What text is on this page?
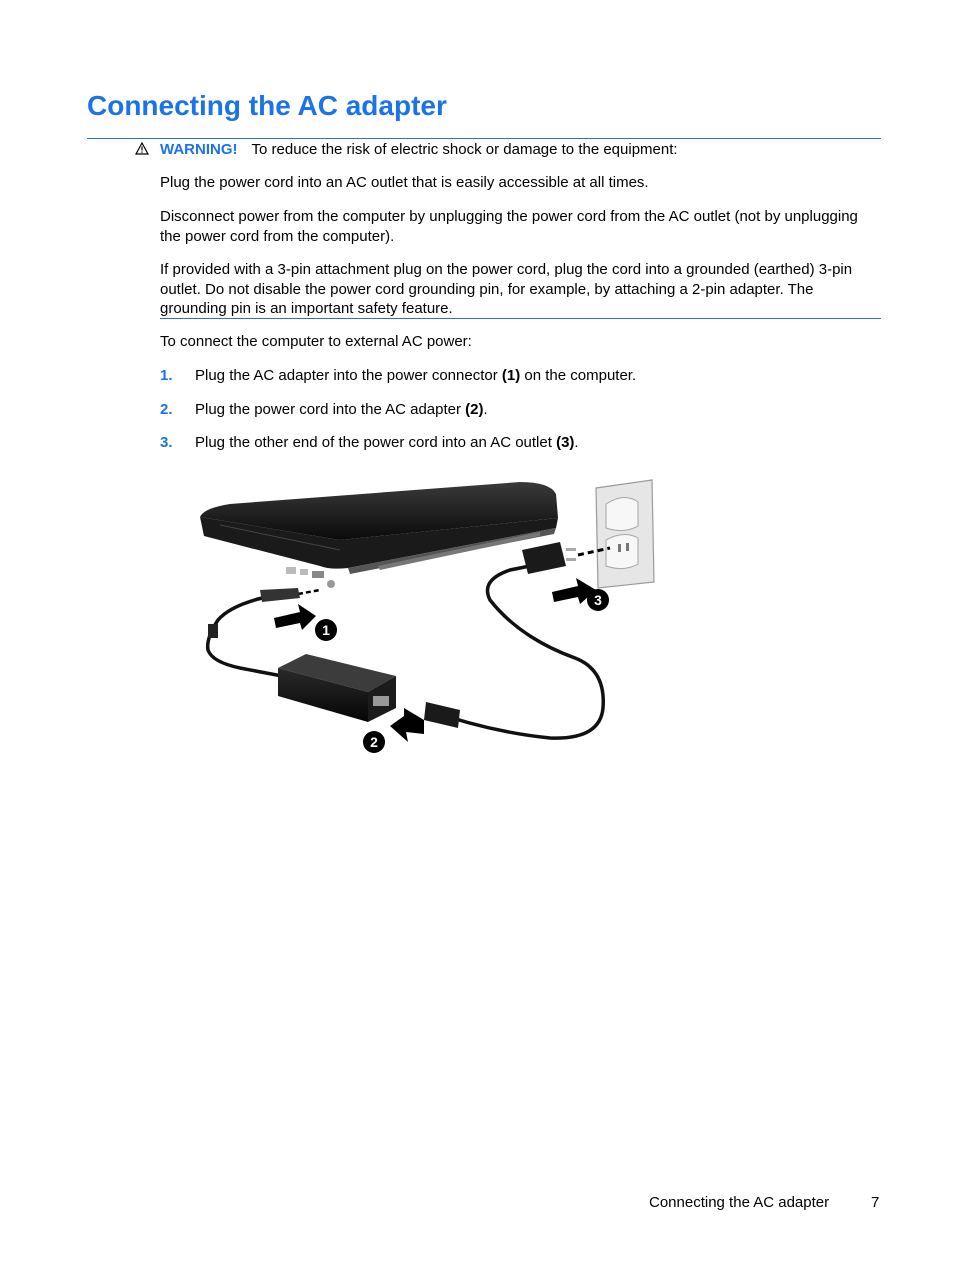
Connecting the AC adapter
WARNING! To reduce the risk of electric shock or damage to the equipment:

Plug the power cord into an AC outlet that is easily accessible at all times.

Disconnect power from the computer by unplugging the power cord from the AC outlet (not by unplugging the power cord from the computer).

If provided with a 3-pin attachment plug on the power cord, plug the cord into a grounded (earthed) 3-pin outlet. Do not disable the power cord grounding pin, for example, by attaching a 2-pin adapter. The grounding pin is an important safety feature.

To connect the computer to external AC power:

1. Plug the AC adapter into the power connector (1) on the computer.
2. Plug the power cord into the AC adapter (2).
3. Plug the other end of the power cord into an AC outlet (3).
1
2
3
Connecting the AC adapter	7
